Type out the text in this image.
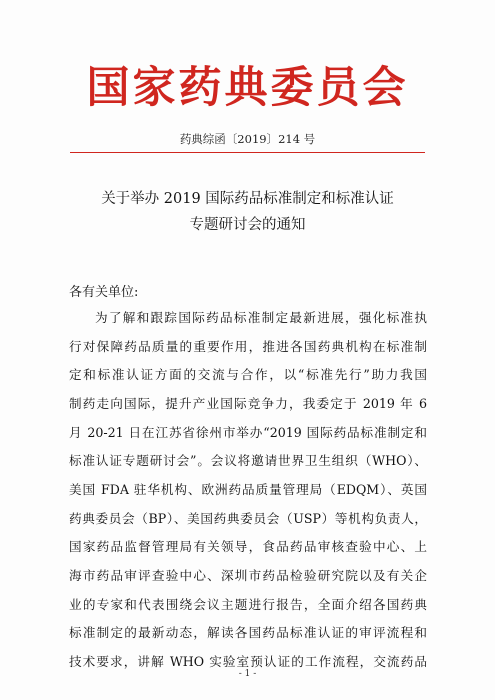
国家药典委员会
药典综函〔2019〕214 号
关于举办 2019 国际药品标准制定和标准认证
专题研讨会的通知
各有关单位:
为了解和跟踪国际药品标准制定最新进展，强化标准执
行对保障药品质量的重要作用，推进各国药典机构在标准制
定和标准认证方面的交流与合作，以“标准先行”助力我国
制药走向国际，提升产业国际竞争力，我委定于 2019 年 6
月 20-21 日在江苏省徐州市举办“2019 国际药品标准制定和
标准认证专题研讨会”。会议将邀请世界卫生组织（WHO）、
美国 FDA 驻华机构、欧洲药品质量管理局（EDQM）、英国
药典委员会（BP）、美国药典委员会（USP）等机构负责人，
国家药品监督管理局有关领导，食品药品审核查验中心、上
海市药品审评查验中心、深圳市药品检验研究院以及有关企
业的专家和代表围绕会议主题进行报告，全面介绍各国药典
标准制定的最新动态，解读各国药品标准认证的审评流程和
技术要求，讲解 WHO 实验室预认证的工作流程，交流药品
- 1 -
